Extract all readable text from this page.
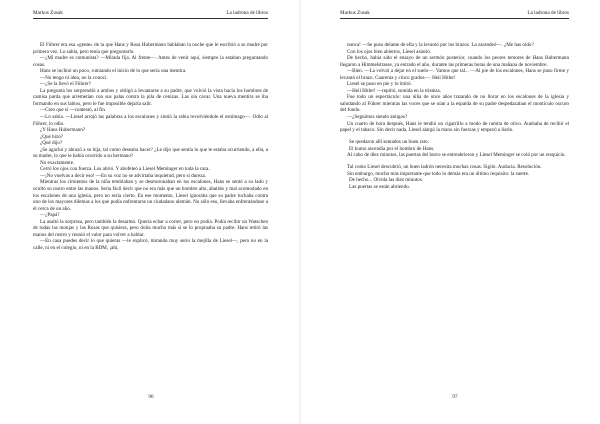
Markus Zusak	La ladrona de libros

El Führer era esa «gente» de la que Hans y Rosa Hubermann hablaban la noche que le escribió a su madre por primera vez. Lo sabía, pero tenía que preguntarlo.

—¿Mi madre es comunista? —Mirada fija. Al frente—. Antes de venir aquí, siempre la estaban preguntando cosas.

Hans se inclinó un poco, rumiando el inicio de lo que sería una mentira.

—No tengo ni idea, no la conocí.

—¿Se la llevó el Führer?

La pregunta los sorprendió a ambos y obligó a levantarse a su padre, que volvió la vista hacia los hombres de camisa parda que arremetían con sus palas contra la pila de cenizas. Las oía cavar. Una nueva mentira se iba formando en sus labios, pero le fue imposible dejarla salir.

—Creo que sí —contestó, al fin.

—Lo sabía. —Liesel arrojó las palabras a los escalones y sintió la rabia revolviéndole el estómago—. Odio al Führer, lo odio.

¿Y Hans Hubermann?

¿Qué hizo?

¿Qué dijo?

¿Se agachó y abrazó a su hija, tal como deseaba hacer? ¿Le dijo que sentía lo que le estaba ocurriendo, a ella, a su madre, lo que le había ocurrido a su hermano?

No exactamente.

Cerró los ojos con fuerza. Los abrió. Y abofeteó a Liesel Meminger en toda la cara.

—¡No vuelvas a decir eso! —En su voz no se advirtaba inquietud, pero sí dureza.

Mientras los cimientos de la niña temblaban y se desmoronaban en los escalones, Hans se sentó a su lado y ocultó su rostro entre las manos. Sería fácil decir que no era más que un hombre alto, abatido y mal acomodado en los escalones de una iglesia, pero no sería cierto. En ese momento, Liesel ignoraba que su padre luchaba contra uno de los mayores dilemas a los que podía enfrentarse un ciudadano alemán. No sólo eso, llevaba enfrentándose a él cerca de un año.

—¿Papá?

La asaltó la sorpresa, pero también la desarmó. Quería echar a correr, pero no podía. Podía recibir un Watschen de todas las monjas y las Rosas que quisiera, pero dolía mucho más si se lo propinaba su padre. Hans retiró las manos del rostro y reunió el valor para volver a hablar.

—En casa puedes decir lo que quieras —le explicó, mirando muy serio la mejilla de Liesel—, pero no en la calle, ni en el colegio, ni en la BDM, ¡ahí,

96
Markus Zusak	La ladrona de libros

nunca! —Se puso delante de ella y la levantó por los brazos. La zarandeó—. ¿Me has oído?

Con los ojos bien abiertos, Liesel asintió.

De hecho, había sido el ensayo de un sermón posterior, cuando los peores temores de Hans Hubermann llegaron a Himmelstrasse, ya entrado el año, durante las primeras horas de una mañana de noviembre.

—Bien. —La volvió a dejar en el suelo—. Vamos que tal... —Al pie de los escalones, Hans se puso firme y levantó el brazo. Cuarenta y cinco grados—. Heil Hitler!

Liesel se puso en pie y lo imitó.

—Heil Hitler! —repitió, sumida en la tristeza.

Fue todo un espectáculo: una niña de once años tratando de no llorar en los escalones de la iglesia y saludando al Führer mientras las voces que se oían a la espalda de su padre despedazaban el montículo oscuro del fondo.

—¿Seguimos siendo amigos?

Un cuarto de hora después, Hans le tendió un cigarrillo a modo de ramita de olivo. Aunbaba de recibir el papel y el tabaco. Sin decir nada, Liesel alargó la mano sin fuerzas y empezó a liarlo.

Se quedaron allí sentados un buen rato.

El humo ascendía por el hombro de Hans.

Al cabo de diez minutos, las puertas del burro se entreabrieron y Liesel Meminger se coló por un resquicio.

Tal como Liesel descubrió, un buen ladrón necesita muchas cosas. Sigilo. Audacia. Resolución.

Sin embargo, mucho más importante que todo lo demás era un último requisito: la suerte.

De hecho... Olvida las diez minutos.

Las puertas se están abriendo.

97
